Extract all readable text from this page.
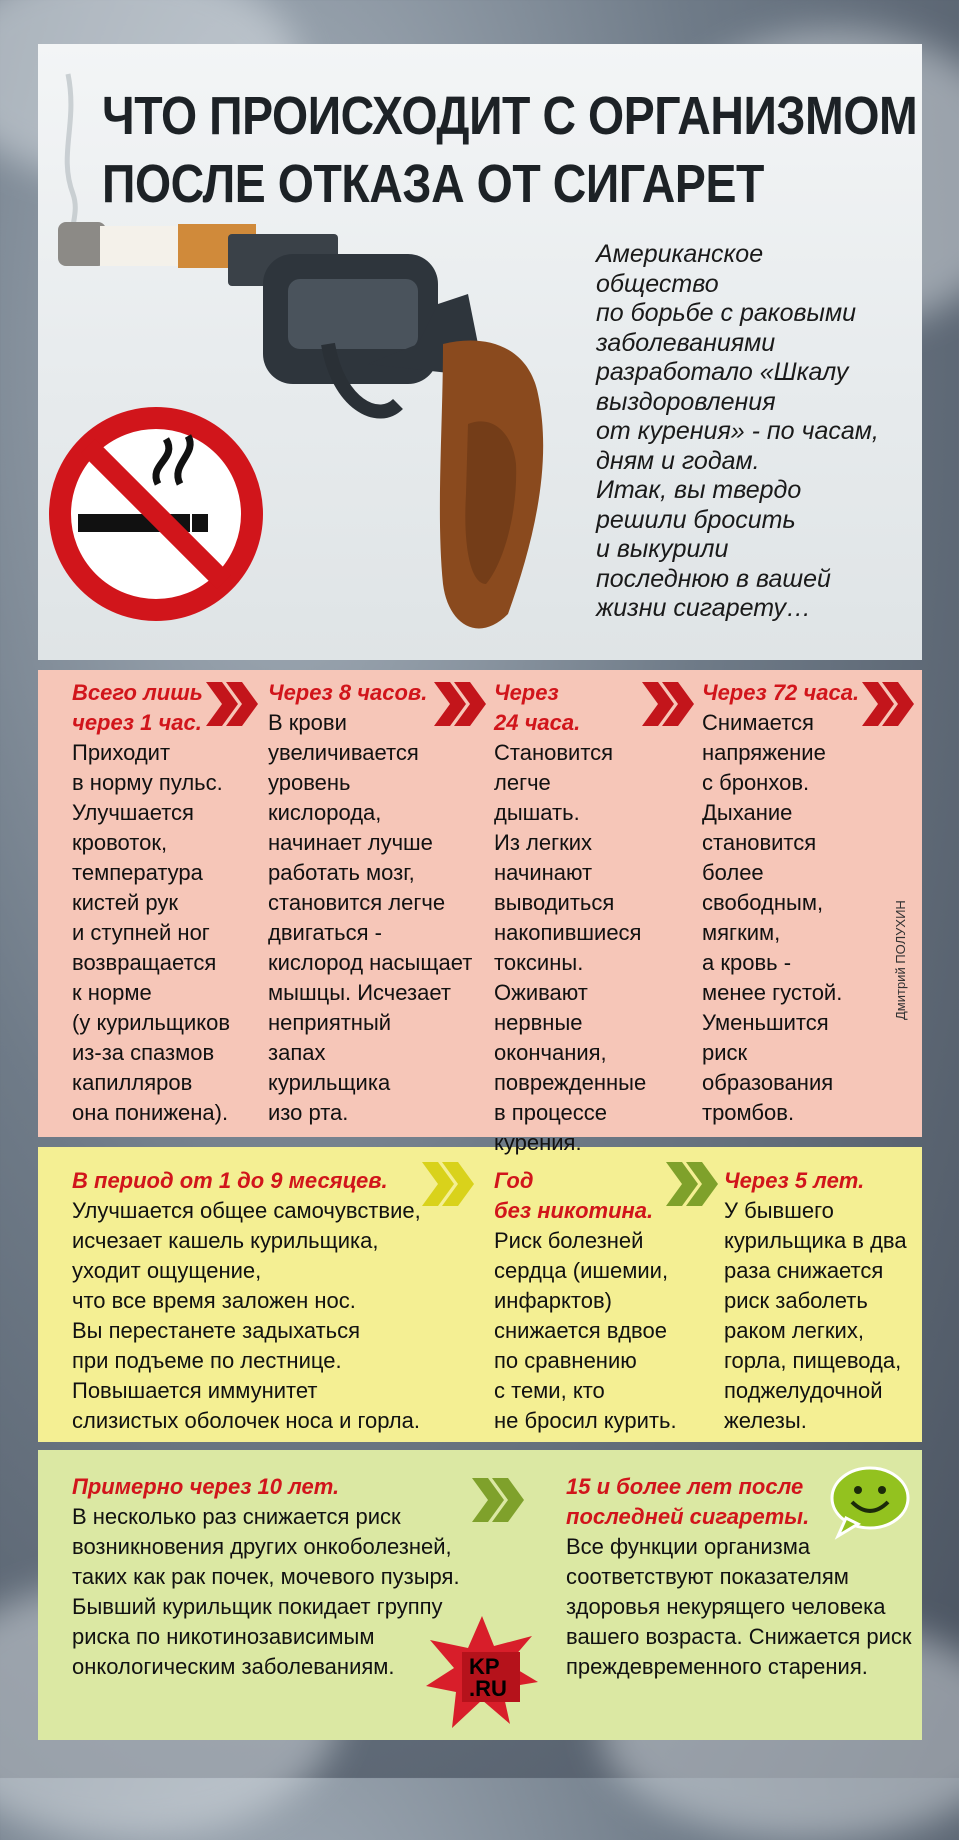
ЧТО ПРОИСХОДИТ С ОРГАНИЗМОМ
ПОСЛЕ ОТКАЗА ОТ СИГАРЕТ

Американское

общество

по борьбе с раковыми

заболеваниями

разработало «Шкалу

выздоровления

от курения» - по часам,

дням и годам.

Итак, вы твердо

решили бросить

и выкурили

последнюю в вашей

жизни сигарету…

Всего лишь
через 1 час.
Приходит
в норму пульс.
Улучшается
кровоток,
температура
кистей рук
и ступней ног
возвращается
к норме
(у курильщиков
из-за спазмов
капилляров
она понижена).
Через 8 часов.
В крови
увеличивается
уровень
кислорода,
начинает лучше
работать мозг,
становится легче
двигаться -
кислород насыщает
мышцы. Исчезает
неприятный
запах
курильщика
изо рта.
Через
24 часа.
Становится легче
дышать.
Из легких
начинают
выводиться
накопившиеся
токсины.
Оживают
нервные
окончания,
поврежденные
в процессе
курения.
Через 72 часа.
Снимается
напряжение
с бронхов.
Дыхание
становится
более
свободным,
мягким,
а кровь -
менее густой.
Уменьшится
риск
образования
тромбов.
Дмитрий ПОЛУХИН
В период от 1 до 9 месяцев.
Улучшается общее самочувствие,
исчезает кашель курильщика,
уходит ощущение,
что все время заложен нос.
Вы перестанете задыхаться
при подъеме по лестнице.
Повышается иммунитет
слизистых оболочек носа и горла.
Год
без никотина.
Риск болезней
сердца (ишемии,
инфарктов)
снижается вдвое
по сравнению
с теми, кто
не бросил курить.
Через 5 лет.
У бывшего
курильщика в два
раза снижается
риск заболеть
раком легких,
горла, пищевода,
поджелудочной
железы.
Примерно через 10 лет.
В несколько раз снижается риск
возникновения других онкоболезней,
таких как рак почек, мочевого пузыря.
Бывший курильщик покидает группу
риска по никотинозависимым
онкологическим заболеваниям.
15 и более лет после
последней сигареты.
Все функции организма
соответствуют показателям
здоровья некурящего человека
вашего возраста. Снижается риск
преждевременного старения.
KP
.RU
